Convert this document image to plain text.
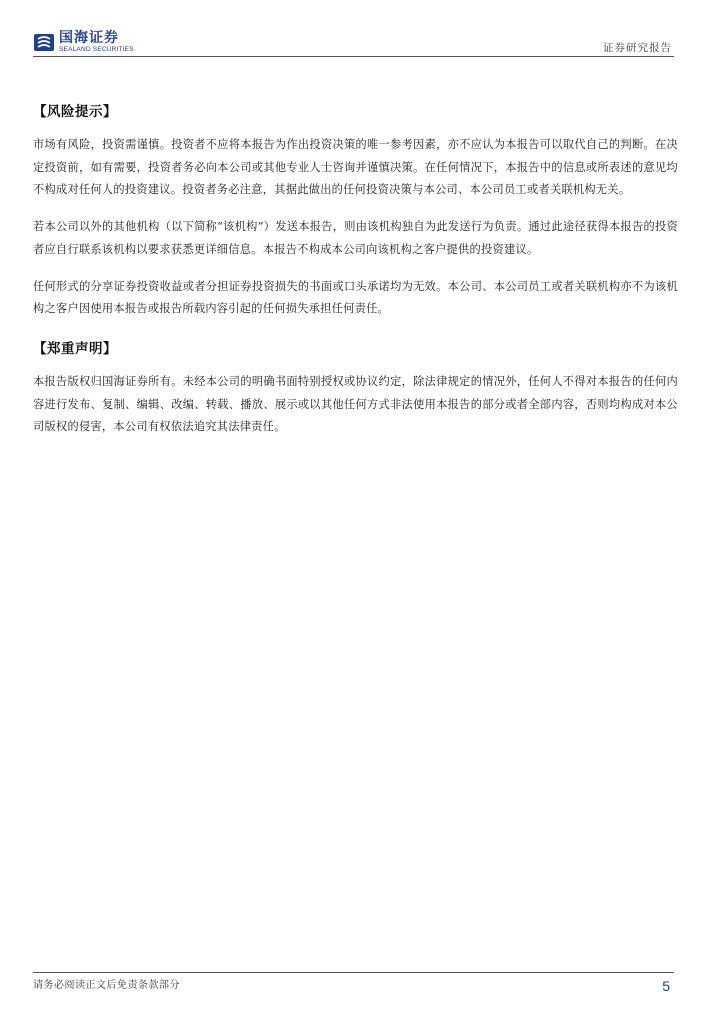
国海证券
SEALAND SECURITIES	证券研究报告
【风险提示】

市场有风险，投资需谨慎。投资者不应将本报告为作出投资决策的唯一参考因素，亦不应认为本报告可以取代自己的判断。在决定投资前，如有需要，投资者务必向本公司或其他专业人士咨询并谨慎决策。在任何情况下，本报告中的信息或所表述的意见均不构成对任何人的投资建议。投资者务必注意，其据此做出的任何投资决策与本公司、本公司员工或者关联机构无关。

若本公司以外的其他机构（以下简称“该机构”）发送本报告，则由该机构独自为此发送行为负责。通过此途径获得本报告的投资者应自行联系该机构以要求获悉更详细信息。本报告不构成本公司向该机构之客户提供的投资建议。

任何形式的分享证券投资收益或者分担证券投资损失的书面或口头承诺均为无效。本公司、本公司员工或者关联机构亦不为该机构之客户因使用本报告或报告所载内容引起的任何损失承担任何责任。

【郑重声明】

本报告版权归国海证券所有。未经本公司的明确书面特别授权或协议约定，除法律规定的情况外，任何人不得对本报告的任何内容进行发布、复制、编辑、改编、转载、播放、展示或以其他任何方式非法使用本报告的部分或者全部内容，否则均构成对本公司版权的侵害，本公司有权依法追究其法律责任。

请务必阅读正文后免责条款部分	5
